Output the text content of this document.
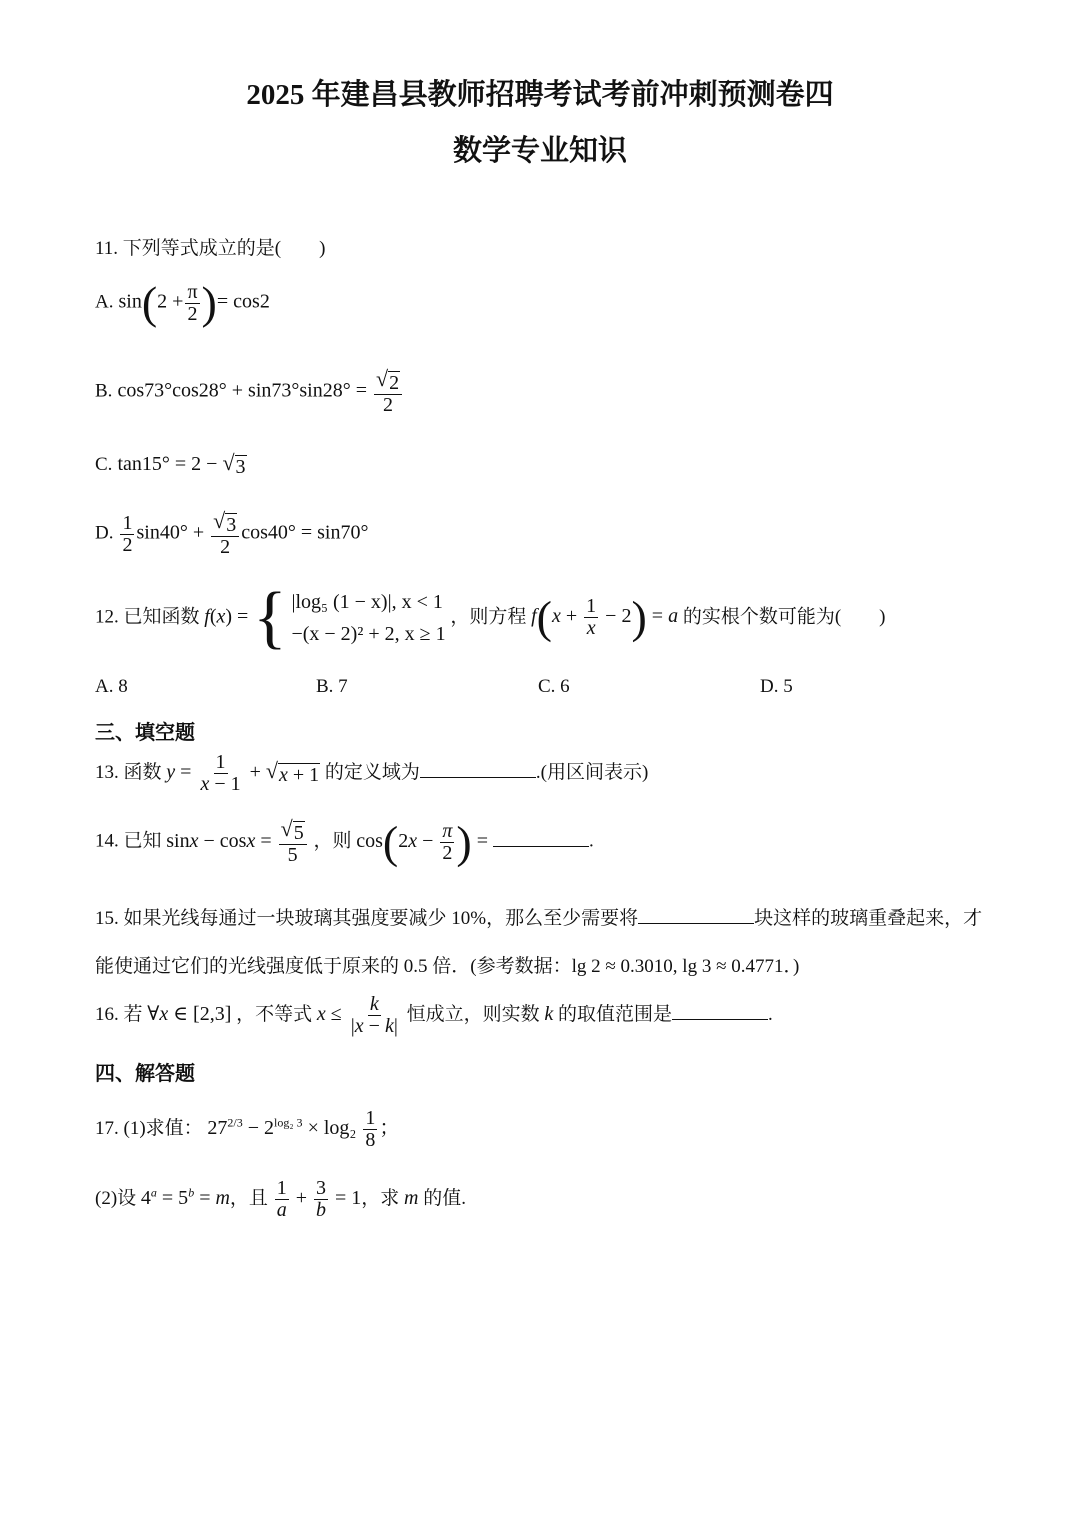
2025 年建昌县教师招聘考试考前冲刺预测卷四
数学专业知识
11. 下列等式成立的是(　　)
A. $\sin(2 + \frac{\pi}{2}$ )= cos2
B. $\cos 73^\circ\cos 28^\circ + \sin 73^\circ\sin 28^\circ = \frac{√ 2}{2}$
C. tan15° = 2 − √ 3
D. $\frac{1}{2} \sin 40^\circ + \frac{√ 3}{2} \cos 40^\circ = \sin 70^\circ$
12. 已知函数 f(x) = { |log₅ (1 − x)|, x < 1
−(x − 2)² + 2, x ≥ 1
，则方程 $f(x + \frac{1}{x} - 2) = a$ 的实根个数可能为(　　)
A. 8	B. 7	C. 6	D. 5
三、填空题
13. 函数 $y = \frac{1}{x - 1}$ + √ x + 1 的定义域为	.(用区间表示)
14. 已知 $\sin x - \cos x = \frac{√ 5}{5}$ ，则 $\cos(2x - \frac{\pi}{2}$ ) =	.
15. 如果光线每通过一块玻璃其强度要减少 10%，那么至少需要将	块这样的玻璃重叠起来，才
能使通过它们的光线强度低于原来的 0.5 倍．(参考数据：lg 2 ≈ 0.3010, lg 3 ≈ 0.4771．)
16. 若 ∀x ∈ [2,3] ，不等式 $x \le \frac{k}{|x - k|}$ 恒成立，则实数 k 的取值范围是	.
四、解答题
17. (1)求值： $27^{2/3} - 2^{log_2 3} \times \log_2 \frac{1}{8}$ ；
(2)设 $4^a = 5^b = m$，且 $\frac{1}{a} + \frac{3}{b} = 1$，求 m 的值.
